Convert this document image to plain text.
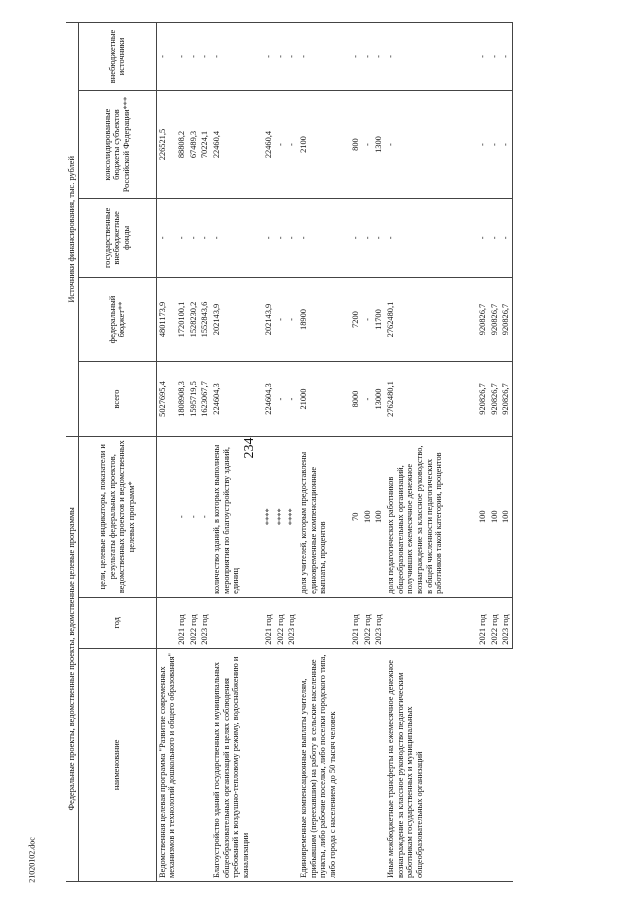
234
21020102.doc
Федеральные проекты, ведомственные проекты, ведомственные целевые программы			Источники финансирования, тыс. рублей				
наименование	год	цели, целевые индикаторы, показатели и результаты федеральных проектов, ведомственных проектов и ведомственных целевых программ*	всего	федеральный бюджет**	государственные внебюджетные фонды	консолидированные бюджеты субъектов Российской Федерации***	внебюджетные источники
Ведомственная целевая программа "Развитие современных механизмов и технологий дошкольного и общего образования"			5027695,4	4801173,9	-	226521,5	-
	2021 год	-	1808908,3	1720100,1	-	88808,2	-
	2022 год	-	1595719,5	1528230,2	-	67489,3	-
	2023 год	-	1623067,7	1552843,6	-	70224,1	-
Благоустройство зданий государственных и муниципальных общеобразовательных организаций в целях соблюдения требований к воздушно-тепловому режиму, водоснабжению и канализации		количество зданий, в которых выполнены мероприятия по благоустройству зданий, единиц	224604,3	202143,9	-	22460,4	-
	2021 год	****	224604,3	202143,9	-	22460,4	-
	2022 год	****	-	-	-	-	-
	2023 год	****	-	-	-	-	-
Единовременные компенсационные выплаты учителям, прибывшим (переехавшим) на работу в сельские населенные пункты, либо рабочие поселки, либо поселки городского типа, либо города с населением до 50 тысяч человек		доля учителей, которым предоставлены единовременные компенсационные выплаты, процентов	21000	18900	-	2100	-
	2021 год	70	8000	7200	-	800	-
	2022 год	100	-	-	-	-	-
	2023 год	100	13000	11700	-	1300	-
Иные межбюджетные трансферты на ежемесячное денежное вознаграждение за классное руководство педагогическим работникам государственных и муниципальных общеобразовательных организаций		доля педагогических работников общеобразовательных организаций, получивших ежемесячное денежное вознаграждение за классное руководство, в общей численности педагогических работников такой категории, процентов	2762480,1	2762480,1	-	-	-
	2021 год	100	920826,7	920826,7	-	-	-
	2022 год	100	920826,7	920826,7	-	-	-
	2023 год	100	920826,7	920826,7	-	-	-
